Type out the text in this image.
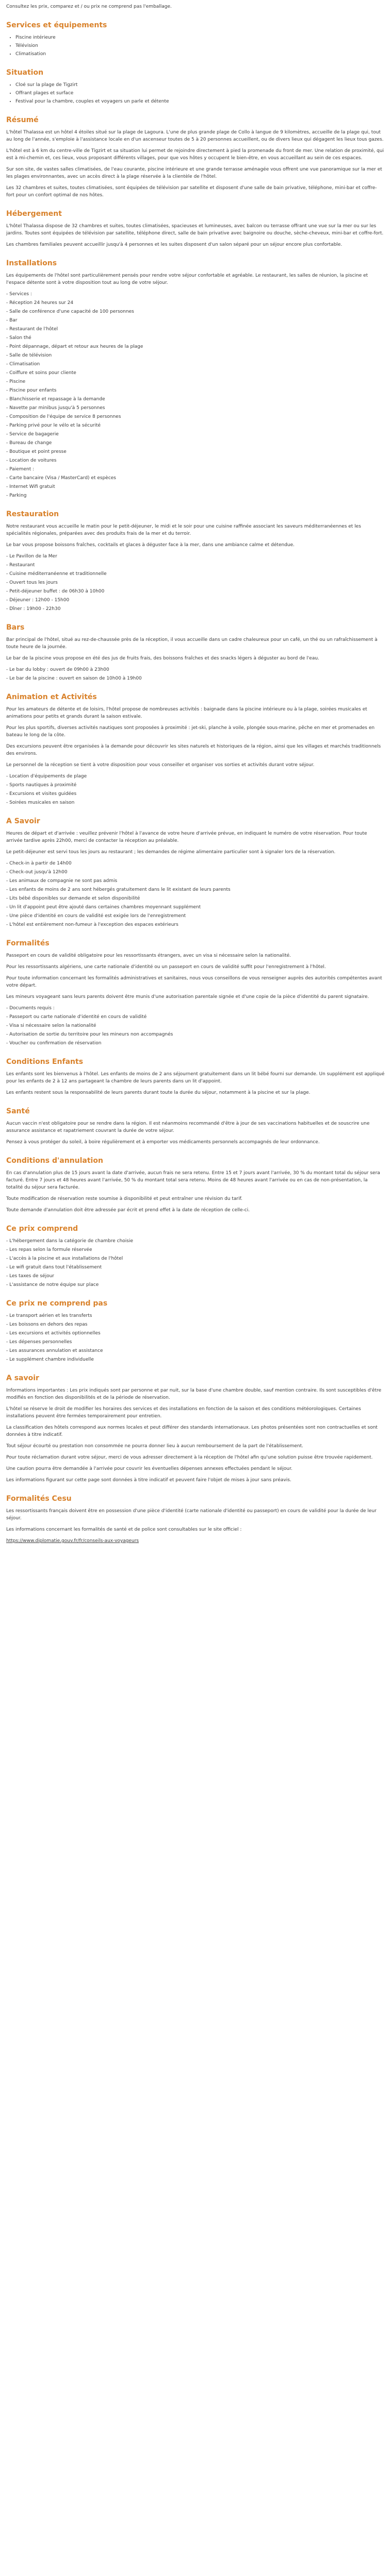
Consultez les prix, comparez et / ou prix ne comprend pas l'emballage.

Services et équipements
• Piscine intérieure
• Télévision
• Climatisation
Situation
• Cloé sur la plage de Tigzirt
• Offrant plages et surface
• Festival pour la chambre, couples et voyagers un parle et détente
Résumé

L'hôtel Thalassa est un hôtel 4 étoiles situé sur la plage de Lagoura. L'une de plus grande plage de Collo à langue de 9 kilomètres, accueille de la plage qui, tout au long de l'année, s'emploie à l'assistance locale en d'un ascenseur toutes de 5 à 20 personnes accueillent, ou de divers lieux qui dégagent les lieux tous gazes.

L'hôtel est à 6 km du centre-ville de Tigzirt et sa situation lui permet de rejoindre directement à pied la promenade du front de mer. Une relation de proximité, qui est à mi-chemin et, ces lieux, vous proposant différents villages, pour que vos hôtes y occupent le bien-être, en vous accueillant au sein de ces espaces.

Sur son site, de vastes salles climatisées, de l'eau courante, piscine intérieure et une grande terrasse aménagée vous offrent une vue panoramique sur la mer et les plages environnantes, avec un accès direct à la plage réservée à la clientèle de l'hôtel.

Les 32 chambres et suites, toutes climatisées, sont équipées de télévision par satellite et disposent d'une salle de bain privative, téléphone, mini-bar et coffre-fort pour un confort optimal de nos hôtes.

Hébergement

L'hôtel Thalassa dispose de 32 chambres et suites, toutes climatisées, spacieuses et lumineuses, avec balcon ou terrasse offrant une vue sur la mer ou sur les jardins. Toutes sont équipées de télévision par satellite, téléphone direct, salle de bain privative avec baignoire ou douche, sèche-cheveux, mini-bar et coffre-fort.

Les chambres familiales peuvent accueillir jusqu'à 4 personnes et les suites disposent d'un salon séparé pour un séjour encore plus confortable.

Installations

Les équipements de l'hôtel sont particulièrement pensés pour rendre votre séjour confortable et agréable. Le restaurant, les salles de réunion, la piscine et l'espace détente sont à votre disposition tout au long de votre séjour.

- Services :
- Réception 24 heures sur 24
- Salle de conférence d'une capacité de 100 personnes
- Bar
- Restaurant de l'hôtel
- Salon thé
- Point dépannage, départ et retour aux heures de la plage
- Salle de télévision
- Climatisation
- Coiffure et soins pour cliente
- Piscine
- Piscine pour enfants
- Blanchisserie et repassage à la demande
- Navette par minibus jusqu'à 5 personnes
- Composition de l'équipe de service 8 personnes
- Parking privé pour le vélo et la sécurité
- Service de bagagerie
- Bureau de change
- Boutique et point presse
- Location de voitures
- Paiement :
- Carte bancaire (Visa / MasterCard) et espèces
- Internet Wifi gratuit
- Parking
Restauration

Notre restaurant vous accueille le matin pour le petit-déjeuner, le midi et le soir pour une cuisine raffinée associant les saveurs méditerranéennes et les spécialités régionales, préparées avec des produits frais de la mer et du terroir.

Le bar vous propose boissons fraîches, cocktails et glaces à déguster face à la mer, dans une ambiance calme et détendue.

- Le Pavillon de la Mer
- Restaurant
- Cuisine méditerranéenne et traditionnelle
- Ouvert tous les jours
- Petit-déjeuner buffet : de 06h30 à 10h00
- Déjeuner : 12h00 - 15h00
- Dîner : 19h00 - 22h30
Bars

Bar principal de l'hôtel, situé au rez-de-chaussée près de la réception, il vous accueille dans un cadre chaleureux pour un café, un thé ou un rafraîchissement à toute heure de la journée.

Le bar de la piscine vous propose en été des jus de fruits frais, des boissons fraîches et des snacks légers à déguster au bord de l'eau.

- Le bar du lobby : ouvert de 09h00 à 23h00
- Le bar de la piscine : ouvert en saison de 10h00 à 19h00
Animation et Activités

Pour les amateurs de détente et de loisirs, l'hôtel propose de nombreuses activités : baignade dans la piscine intérieure ou à la plage, soirées musicales et animations pour petits et grands durant la saison estivale.

Pour les plus sportifs, diverses activités nautiques sont proposées à proximité : jet-ski, planche à voile, plongée sous-marine, pêche en mer et promenades en bateau le long de la côte.

Des excursions peuvent être organisées à la demande pour découvrir les sites naturels et historiques de la région, ainsi que les villages et marchés traditionnels des environs.

Le personnel de la réception se tient à votre disposition pour vous conseiller et organiser vos sorties et activités durant votre séjour.

- Location d'équipements de plage
- Sports nautiques à proximité
- Excursions et visites guidées
- Soirées musicales en saison
A Savoir

Heures de départ et d'arrivée : veuillez prévenir l'hôtel à l'avance de votre heure d'arrivée prévue, en indiquant le numéro de votre réservation. Pour toute arrivée tardive après 22h00, merci de contacter la réception au préalable.

Le petit-déjeuner est servi tous les jours au restaurant ; les demandes de régime alimentaire particulier sont à signaler lors de la réservation.

- Check-in à partir de 14h00
- Check-out jusqu'à 12h00
- Les animaux de compagnie ne sont pas admis
- Les enfants de moins de 2 ans sont hébergés gratuitement dans le lit existant de leurs parents
- Lits bébé disponibles sur demande et selon disponibilité
- Un lit d'appoint peut être ajouté dans certaines chambres moyennant supplément
- Une pièce d'identité en cours de validité est exigée lors de l'enregistrement
- L'hôtel est entièrement non-fumeur à l'exception des espaces extérieurs
Formalités

Passeport en cours de validité obligatoire pour les ressortissants étrangers, avec un visa si nécessaire selon la nationalité.

Pour les ressortissants algériens, une carte nationale d'identité ou un passeport en cours de validité suffit pour l'enregistrement à l'hôtel.

Pour toute information concernant les formalités administratives et sanitaires, nous vous conseillons de vous renseigner auprès des autorités compétentes avant votre départ.

Les mineurs voyageant sans leurs parents doivent être munis d'une autorisation parentale signée et d'une copie de la pièce d'identité du parent signataire.

- Documents requis :
- Passeport ou carte nationale d'identité en cours de validité
- Visa si nécessaire selon la nationalité
- Autorisation de sortie du territoire pour les mineurs non accompagnés
- Voucher ou confirmation de réservation
Conditions Enfants

Les enfants sont les bienvenus à l'hôtel. Les enfants de moins de 2 ans séjournent gratuitement dans un lit bébé fourni sur demande. Un supplément est appliqué pour les enfants de 2 à 12 ans partageant la chambre de leurs parents dans un lit d'appoint.

Les enfants restent sous la responsabilité de leurs parents durant toute la durée du séjour, notamment à la piscine et sur la plage.

Santé

Aucun vaccin n'est obligatoire pour se rendre dans la région. Il est néanmoins recommandé d'être à jour de ses vaccinations habituelles et de souscrire une assurance assistance et rapatriement couvrant la durée de votre séjour.

Pensez à vous protéger du soleil, à boire régulièrement et à emporter vos médicaments personnels accompagnés de leur ordonnance.

Conditions d'annulation

En cas d'annulation plus de 15 jours avant la date d'arrivée, aucun frais ne sera retenu. Entre 15 et 7 jours avant l'arrivée, 30 % du montant total du séjour sera facturé. Entre 7 jours et 48 heures avant l'arrivée, 50 % du montant total sera retenu. Moins de 48 heures avant l'arrivée ou en cas de non-présentation, la totalité du séjour sera facturée.

Toute modification de réservation reste soumise à disponibilité et peut entraîner une révision du tarif.

Toute demande d'annulation doit être adressée par écrit et prend effet à la date de réception de celle-ci.

Ce prix comprend
- L'hébergement dans la catégorie de chambre choisie
- Les repas selon la formule réservée
- L'accès à la piscine et aux installations de l'hôtel
- Le wifi gratuit dans tout l'établissement
- Les taxes de séjour
- L'assistance de notre équipe sur place
Ce prix ne comprend pas
- Le transport aérien et les transferts
- Les boissons en dehors des repas
- Les excursions et activités optionnelles
- Les dépenses personnelles
- Les assurances annulation et assistance
- Le supplément chambre individuelle
A savoir

Informations importantes : Les prix indiqués sont par personne et par nuit, sur la base d'une chambre double, sauf mention contraire. Ils sont susceptibles d'être modifiés en fonction des disponibilités et de la période de réservation.

L'hôtel se réserve le droit de modifier les horaires des services et des installations en fonction de la saison et des conditions météorologiques. Certaines installations peuvent être fermées temporairement pour entretien.

La classification des hôtels correspond aux normes locales et peut différer des standards internationaux. Les photos présentées sont non contractuelles et sont données à titre indicatif.

Tout séjour écourté ou prestation non consommée ne pourra donner lieu à aucun remboursement de la part de l'établissement.

Pour toute réclamation durant votre séjour, merci de vous adresser directement à la réception de l'hôtel afin qu'une solution puisse être trouvée rapidement.

Une caution pourra être demandée à l'arrivée pour couvrir les éventuelles dépenses annexes effectuées pendant le séjour.

Les informations figurant sur cette page sont données à titre indicatif et peuvent faire l'objet de mises à jour sans préavis.

Formalités Cesu

Les ressortissants français doivent être en possession d'une pièce d'identité (carte nationale d'identité ou passeport) en cours de validité pour la durée de leur séjour.

Les informations concernant les formalités de santé et de police sont consultables sur le site officiel :

https://www.diplomatie.gouv.fr/fr/conseils-aux-voyageurs
